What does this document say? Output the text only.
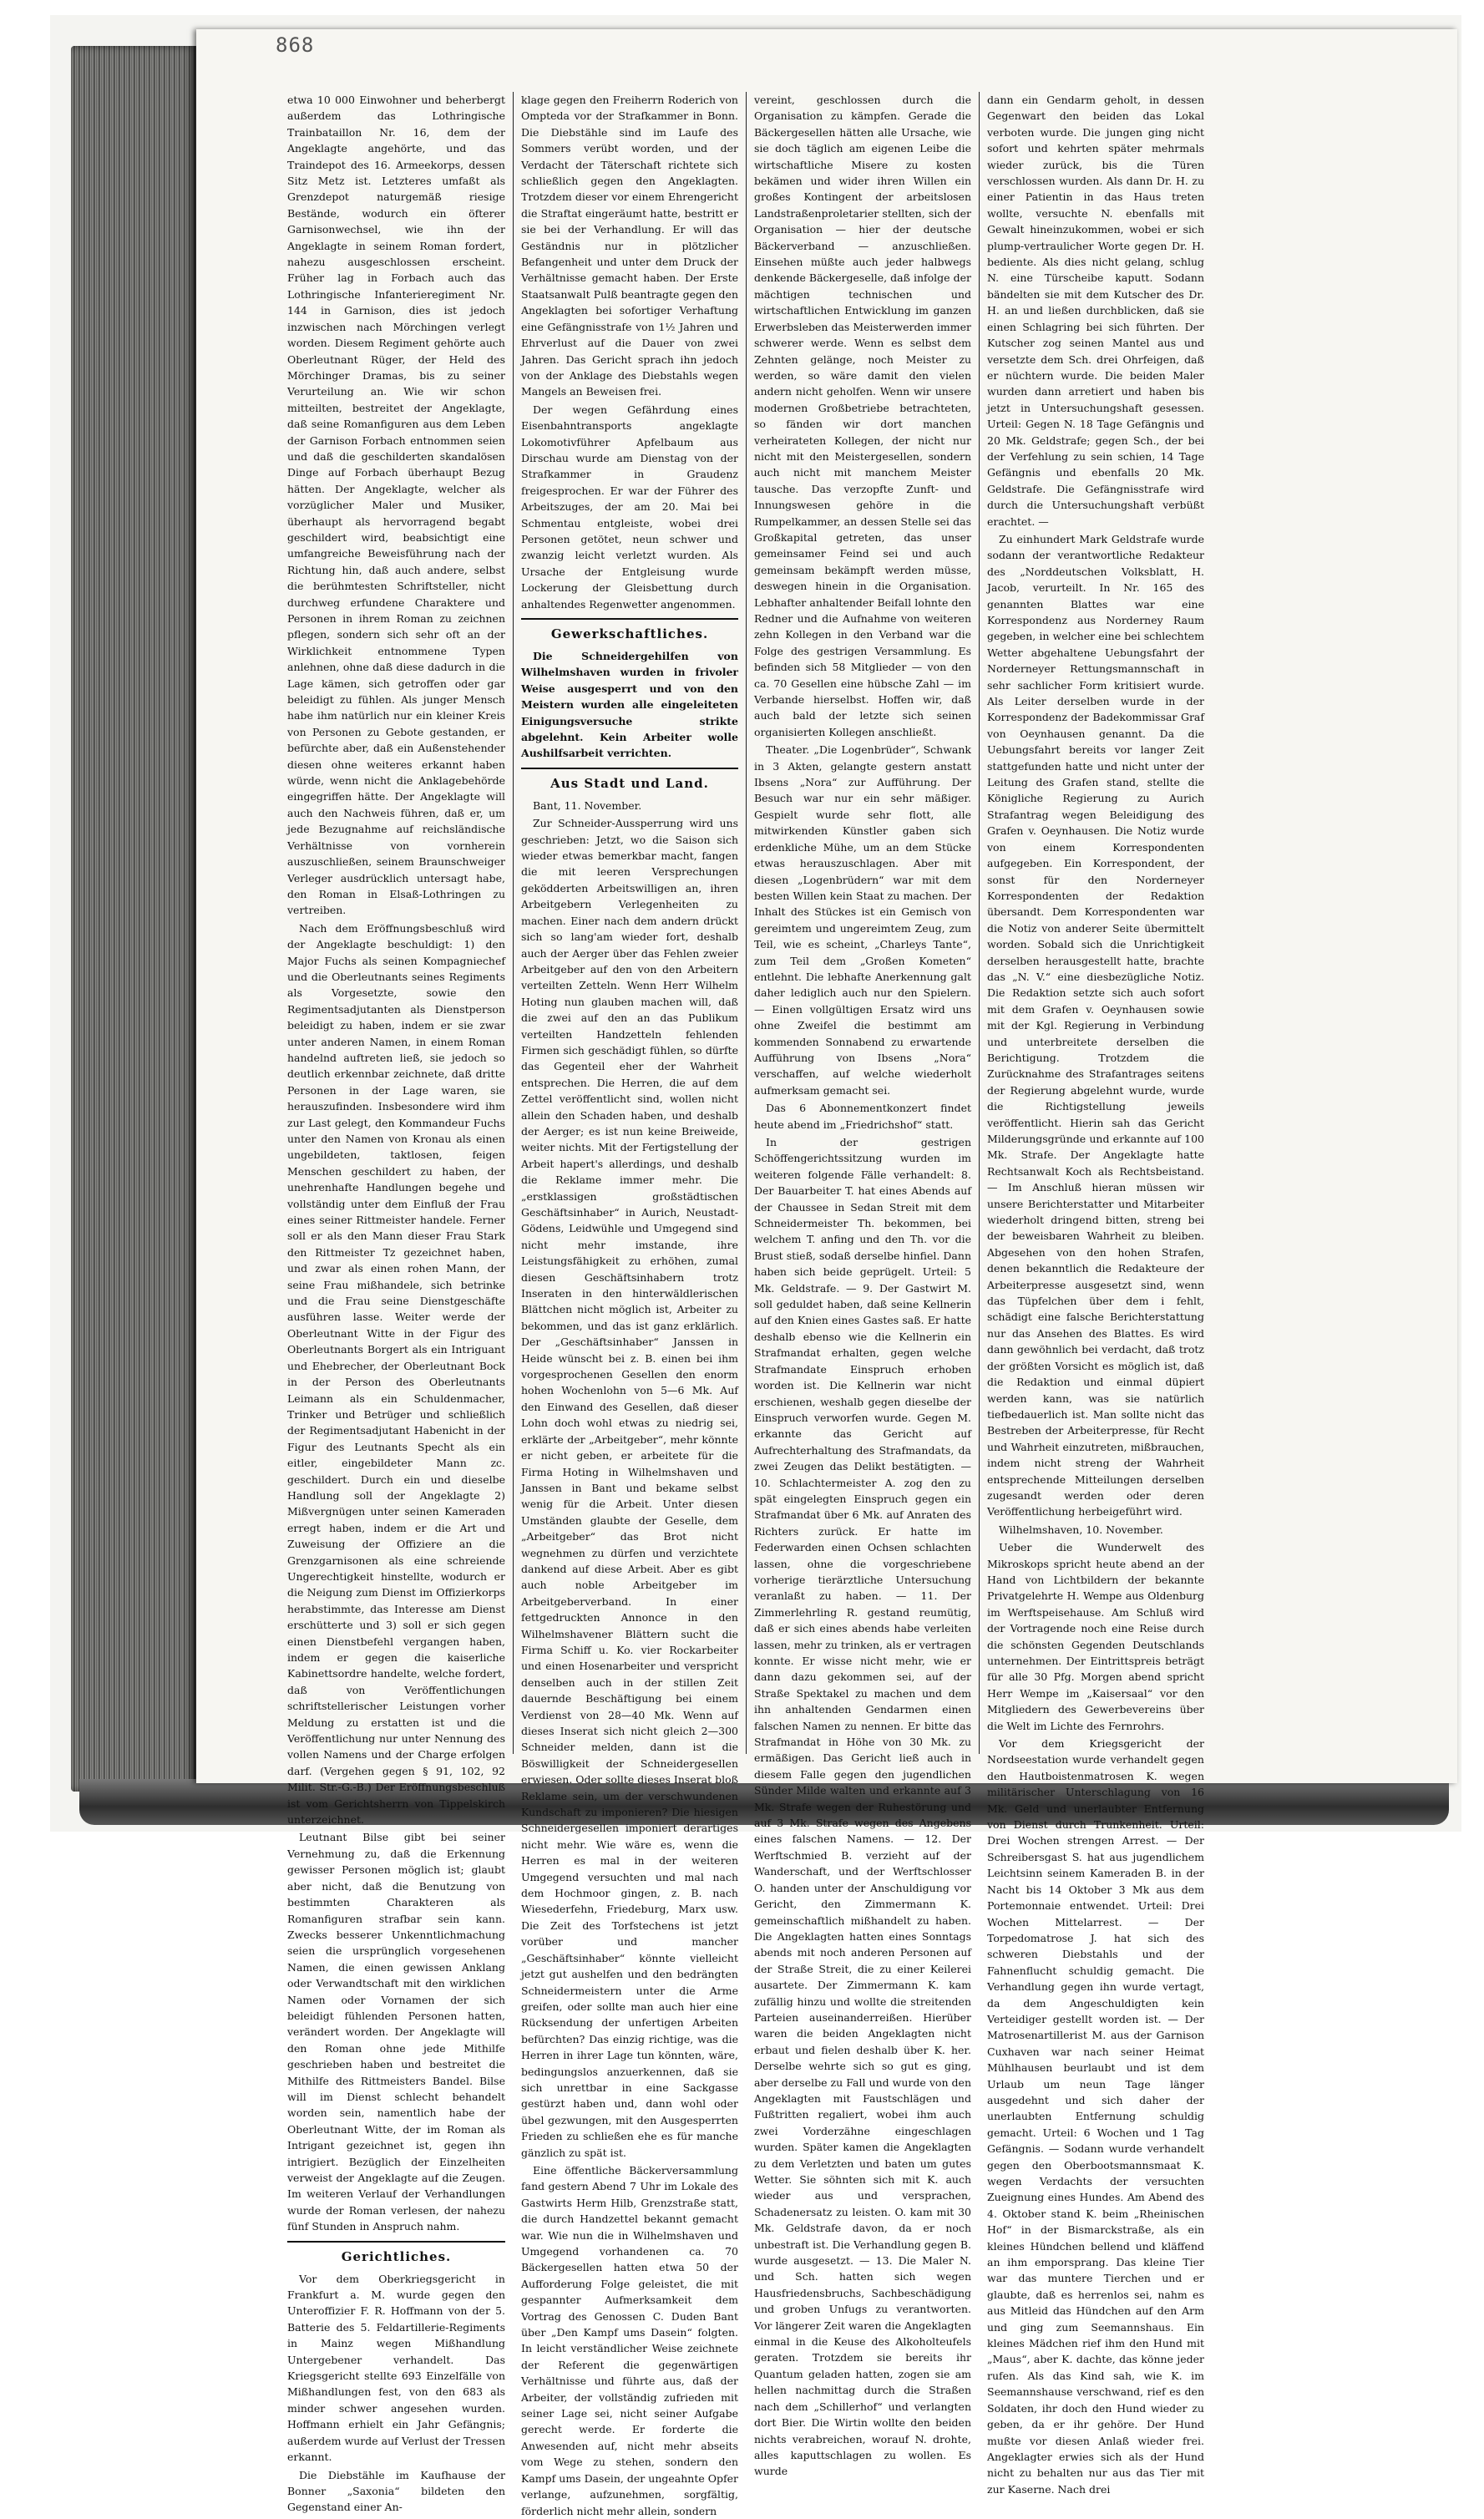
868

etwa 10 000 Einwohner und beherbergt außerdem das Lothringische Trainbataillon Nr. 16, dem der Angeklagte angehörte, und das Traindepot des 16. Armeekorps, dessen Sitz Metz ist. Letzteres umfaßt als Grenzdepot naturgemäß riesige Bestände, wodurch ein öfterer Garnisonwechsel, wie ihn der Angeklagte in seinem Roman fordert, nahezu ausgeschlossen erscheint. Früher lag in Forbach auch das Lothringische Infanterieregiment Nr. 144 in Garnison, dies ist jedoch inzwischen nach Mörchingen verlegt worden. Diesem Regiment gehörte auch Oberleutnant Rüger, der Held des Mörchinger Dramas, bis zu seiner Verurteilung an. Wie wir schon mitteilten, bestreitet der Angeklagte, daß seine Romanfiguren aus dem Leben der Garnison Forbach entnommen seien und daß die geschilderten skandalösen Dinge auf Forbach überhaupt Bezug hätten. Der Angeklagte, welcher als vorzüglicher Maler und Musiker, überhaupt als hervorragend begabt geschildert wird, beabsichtigt eine umfangreiche Beweisführung nach der Richtung hin, daß auch andere, selbst die berühmtesten Schriftsteller, nicht durchweg erfundene Charaktere und Personen in ihrem Roman zu zeichnen pflegen, sondern sich sehr oft an der Wirklichkeit entnommene Typen anlehnen, ohne daß diese dadurch in die Lage kämen, sich getroffen oder gar beleidigt zu fühlen. Als junger Mensch habe ihm natürlich nur ein kleiner Kreis von Personen zu Gebote gestanden, er befürchte aber, daß ein Außenstehender diesen ohne weiteres erkannt haben würde, wenn nicht die Anklagebehörde eingegriffen hätte. Der Angeklagte will auch den Nachweis führen, daß er, um jede Bezugnahme auf reichsländische Verhältnisse von vornherein auszuschließen, seinem Braunschweiger Verleger ausdrücklich untersagt habe, den Roman in Elsaß-Lothringen zu vertreiben.

Nach dem Eröffnungsbeschluß wird der Angeklagte beschuldigt: 1) den Major Fuchs als seinen Kompagniechef und die Oberleutnants seines Regiments als Vorgesetzte, sowie den Regimentsadjutanten als Dienstperson beleidigt zu haben, indem er sie zwar unter anderen Namen, in einem Roman handelnd auftreten ließ, sie jedoch so deutlich erkennbar zeichnete, daß dritte Personen in der Lage waren, sie herauszufinden. Insbesondere wird ihm zur Last gelegt, den Kommandeur Fuchs unter den Namen von Kronau als einen ungebildeten, taktlosen, feigen Menschen geschildert zu haben, der unehrenhafte Handlungen begehe und vollständig unter dem Einfluß der Frau eines seiner Rittmeister handele. Ferner soll er als den Mann dieser Frau Stark den Rittmeister Tz gezeichnet haben, und zwar als einen rohen Mann, der seine Frau mißhandele, sich betrinke und die Frau seine Dienstgeschäfte ausführen lasse. Weiter werde der Oberleutnant Witte in der Figur des Oberleutnants Borgert als ein Intriguant und Ehebrecher, der Oberleutnant Bock in der Person des Oberleutnants Leimann als ein Schuldenmacher, Trinker und Betrüger und schließlich der Regimentsadjutant Habenicht in der Figur des Leutnants Specht als ein eitler, eingebildeter Mann zc. geschildert. Durch ein und dieselbe Handlung soll der Angeklagte 2) Mißvergnügen unter seinen Kameraden erregt haben, indem er die Art und Zuweisung der Offiziere an die Grenzgarnisonen als eine schreiende Ungerechtigkeit hinstellte, wodurch er die Neigung zum Dienst im Offizierkorps herabstimmte, das Interesse am Dienst erschütterte und 3) soll er sich gegen einen Dienstbefehl vergangen haben, indem er gegen die kaiserliche Kabinettsordre handelte, welche fordert, daß von Veröffentlichungen schriftstellerischer Leistungen vorher Meldung zu erstatten ist und die Veröffentlichung nur unter Nennung des vollen Namens und der Charge erfolgen darf. (Vergehen gegen § 91, 102, 92 Milit. Str.-G.-B.) Der Eröffnungsbeschluß ist vom Gerichtsherrn von Tippelskirch unterzeichnet.

Leutnant Bilse gibt bei seiner Vernehmung zu, daß die Erkennung gewisser Personen möglich ist; glaubt aber nicht, daß die Benutzung von bestimmten Charakteren als Romanfiguren strafbar sein kann. Zwecks besserer Unkenntlichmachung seien die ursprünglich vorgesehenen Namen, die einen gewissen Anklang oder Verwandtschaft mit den wirklichen Namen oder Vornamen der sich beleidigt fühlenden Personen hatten, verändert worden. Der Angeklagte will den Roman ohne jede Mithilfe geschrieben haben und bestreitet die Mithilfe des Rittmeisters Bandel. Bilse will im Dienst schlecht behandelt worden sein, namentlich habe der Oberleutnant Witte, der im Roman als Intrigant gezeichnet ist, gegen ihn intrigiert. Bezüglich der Einzelheiten verweist der Angeklagte auf die Zeugen. Im weiteren Verlauf der Verhandlungen wurde der Roman verlesen, der nahezu fünf Stunden in Anspruch nahm.

Gerichtliches.

Vor dem Oberkriegsgericht in Frankfurt a. M. wurde gegen den Unteroffizier F. R. Hoffmann von der 5. Batterie des 5. Feldartillerie-Regiments in Mainz wegen Mißhandlung Untergebener verhandelt. Das Kriegsgericht stellte 693 Einzelfälle von Mißhandlungen fest, von den 683 als minder schwer angesehen wurden. Hoffmann erhielt ein Jahr Gefängnis; außerdem wurde auf Verlust der Tressen erkannt.

Die Diebstähle im Kaufhause der Bonner „Saxonia“ bildeten den Gegenstand einer An-

klage gegen den Freiherrn Roderich von Ompteda vor der Strafkammer in Bonn. Die Diebstähle sind im Laufe des Sommers verübt worden, und der Verdacht der Täterschaft richtete sich schließlich gegen den Angeklagten. Trotzdem dieser vor einem Ehrengericht die Straftat eingeräumt hatte, bestritt er sie bei der Verhandlung. Er will das Geständnis nur in plötzlicher Befangenheit und unter dem Druck der Verhältnisse gemacht haben. Der Erste Staatsanwalt Pulß beantragte gegen den Angeklagten bei sofortiger Verhaftung eine Gefängnisstrafe von 1½ Jahren und Ehrverlust auf die Dauer von zwei Jahren. Das Gericht sprach ihn jedoch von der Anklage des Diebstahls wegen Mangels an Beweisen frei.

Der wegen Gefährdung eines Eisenbahntransports angeklagte Lokomotivführer Apfelbaum aus Dirschau wurde am Dienstag von der Strafkammer in Graudenz freigesprochen. Er war der Führer des Arbeitszuges, der am 20. Mai bei Schmentau entgleiste, wobei drei Personen getötet, neun schwer und zwanzig leicht verletzt wurden. Als Ursache der Entgleisung wurde Lockerung der Gleisbettung durch anhaltendes Regenwetter angenommen.

Gewerkschaftliches.

Die Schneidergehilfen von Wilhelmshaven wurden in frivoler Weise ausgesperrt und von den Meistern wurden alle eingeleiteten Einigungsversuche strikte abgelehnt. Kein Arbeiter wolle Aushilfsarbeit verrichten.

Aus Stadt und Land.

Bant, 11. November.

Zur Schneider-Aussperrung wird uns geschrieben: Jetzt, wo die Saison sich wieder etwas bemerkbar macht, fangen die mit leeren Versprechungen geködderten Arbeitswilligen an, ihren Arbeitgebern Verlegenheiten zu machen. Einer nach dem andern drückt sich so lang'am wieder fort, deshalb auch der Aerger über das Fehlen zweier Arbeitgeber auf den von den Arbeitern verteilten Zetteln. Wenn Herr Wilhelm Hoting nun glauben machen will, daß die zwei auf den an das Publikum verteilten Handzetteln fehlenden Firmen sich geschädigt fühlen, so dürfte das Gegenteil eher der Wahrheit entsprechen. Die Herren, die auf dem Zettel veröffentlicht sind, wollen nicht allein den Schaden haben, und deshalb der Aerger; es ist nun keine Breiweide, weiter nichts. Mit der Fertigstellung der Arbeit hapert's allerdings, und deshalb die Reklame immer mehr. Die „erstklassigen großstädtischen Geschäftsinhaber“ in Aurich, Neustadt-Gödens, Leidwühle und Umgegend sind nicht mehr imstande, ihre Leistungsfähigkeit zu erhöhen, zumal diesen Geschäftsinhabern trotz Inseraten in den hinterwäldlerischen Blättchen nicht möglich ist, Arbeiter zu bekommen, und das ist ganz erklärlich. Der „Geschäftsinhaber“ Janssen in Heide wünscht bei z. B. einen bei ihm vorgesprochenen Gesellen den enorm hohen Wochenlohn von 5—6 Mk. Auf den Einwand des Gesellen, daß dieser Lohn doch wohl etwas zu niedrig sei, erklärte der „Arbeitgeber“, mehr könnte er nicht geben, er arbeitete für die Firma Hoting in Wilhelmshaven und Janssen in Bant und bekame selbst wenig für die Arbeit. Unter diesen Umständen glaubte der Geselle, dem „Arbeitgeber“ das Brot nicht wegnehmen zu dürfen und verzichtete dankend auf diese Arbeit. Aber es gibt auch noble Arbeitgeber im Arbeitgeberverband. In einer fettgedruckten Annonce in den Wilhelmshavener Blättern sucht die Firma Schiff u. Ko. vier Rockarbeiter und einen Hosenarbeiter und verspricht denselben auch in der stillen Zeit dauernde Beschäftigung bei einem Verdienst von 28—40 Mk. Wenn auf dieses Inserat sich nicht gleich 2—300 Schneider melden, dann ist die Böswilligkeit der Schneidergesellen erwiesen. Oder sollte dieses Inserat bloß Reklame sein, um der verschwundenen Kundschaft zu imponieren? Die hiesigen Schneidergesellen imponiert derartiges nicht mehr. Wie wäre es, wenn die Herren es mal in der weiteren Umgegend versuchten und mal nach dem Hochmoor gingen, z. B. nach Wiesederfehn, Friedeburg, Marx usw. Die Zeit des Torfstechens ist jetzt vorüber und mancher „Geschäftsinhaber“ könnte vielleicht jetzt gut aushelfen und den bedrängten Schneidermeistern unter die Arme greifen, oder sollte man auch hier eine Rücksendung der unfertigen Arbeiten befürchten? Das einzig richtige, was die Herren in ihrer Lage tun könnten, wäre, bedingungslos anzuerkennen, daß sie sich unrettbar in eine Sackgasse gestürzt haben und, dann wohl oder übel gezwungen, mit den Ausgesperrten Frieden zu schließen ehe es für manche gänzlich zu spät ist.

Eine öffentliche Bäckerversammlung fand gestern Abend 7 Uhr im Lokale des Gastwirts Herm Hilb, Grenzstraße statt, die durch Handzettel bekannt gemacht war. Wie nun die in Wilhelmshaven und Umgegend vorhandenen ca. 70 Bäckergesellen hatten etwa 50 der Aufforderung Folge geleistet, die mit gespannter Aufmerksamkeit dem Vortrag des Genossen C. Duden Bant über „Den Kampf ums Dasein“ folgten. In leicht verständlicher Weise zeichnete der Referent die gegenwärtigen Verhältnisse und führte aus, daß der Arbeiter, der vollständig zufrieden mit seiner Lage sei, nicht seiner Aufgabe gerecht werde. Er forderte die Anwesenden auf, nicht mehr abseits vom Wege zu stehen, sondern den Kampf ums Dasein, der ungeahnte Opfer verlange, aufzunehmen, sorgfältig, förderlich nicht mehr allein, sondern

vereint, geschlossen durch die Organisation zu kämpfen. Gerade die Bäckergesellen hätten alle Ursache, wie sie doch täglich am eigenen Leibe die wirtschaftliche Misere zu kosten bekämen und wider ihren Willen ein großes Kontingent der arbeitslosen Landstraßenproletarier stellten, sich der Organisation — hier der deutsche Bäckerverband — anzuschließen. Einsehen müßte auch jeder halbwegs denkende Bäckergeselle, daß infolge der mächtigen technischen und wirtschaftlichen Entwicklung im ganzen Erwerbsleben das Meisterwerden immer schwerer werde. Wenn es selbst dem Zehnten gelänge, noch Meister zu werden, so wäre damit den vielen andern nicht geholfen. Wenn wir unsere modernen Großbetriebe betrachteten, so fänden wir dort manchen verheirateten Kollegen, der nicht nur nicht mit den Meistergesellen, sondern auch nicht mit manchem Meister tausche. Das verzopfte Zunft- und Innungswesen gehöre in die Rumpelkammer, an dessen Stelle sei das Großkapital getreten, das unser gemeinsamer Feind sei und auch gemeinsam bekämpft werden müsse, deswegen hinein in die Organisation. Lebhafter anhaltender Beifall lohnte den Redner und die Aufnahme von weiteren zehn Kollegen in den Verband war die Folge des gestrigen Versammlung. Es befinden sich 58 Mitglieder — von den ca. 70 Gesellen eine hübsche Zahl — im Verbande hierselbst. Hoffen wir, daß auch bald der letzte sich seinen organisierten Kollegen anschließt.

Theater. „Die Logenbrüder“, Schwank in 3 Akten, gelangte gestern anstatt Ibsens „Nora“ zur Aufführung. Der Besuch war nur ein sehr mäßiger. Gespielt wurde sehr flott, alle mitwirkenden Künstler gaben sich erdenkliche Mühe, um an dem Stücke etwas herauszuschlagen. Aber mit diesen „Logenbrüdern“ war mit dem besten Willen kein Staat zu machen. Der Inhalt des Stückes ist ein Gemisch von gereimtem und ungereimtem Zeug, zum Teil, wie es scheint, „Charleys Tante“, zum Teil dem „Großen Kometen“ entlehnt. Die lebhafte Anerkennung galt daher lediglich auch nur den Spielern. — Einen vollgültigen Ersatz wird uns ohne Zweifel die bestimmt am kommenden Sonnabend zu erwartende Aufführung von Ibsens „Nora“ verschaffen, auf welche wiederholt aufmerksam gemacht sei.

Das 6 Abonnementkonzert findet heute abend im „Friedrichshof“ statt.

In der gestrigen Schöffengerichtssitzung wurden im weiteren folgende Fälle verhandelt: 8. Der Bauarbeiter T. hat eines Abends auf der Chaussee in Sedan Streit mit dem Schneidermeister Th. bekommen, bei welchem T. anfing und den Th. vor die Brust stieß, sodaß derselbe hinfiel. Dann haben sich beide geprügelt. Urteil: 5 Mk. Geldstrafe. — 9. Der Gastwirt M. soll geduldet haben, daß seine Kellnerin auf den Knien eines Gastes saß. Er hatte deshalb ebenso wie die Kellnerin ein Strafmandat erhalten, gegen welche Strafmandate Einspruch erhoben worden ist. Die Kellnerin war nicht erschienen, weshalb gegen dieselbe der Einspruch verworfen wurde. Gegen M. erkannte das Gericht auf Aufrechterhaltung des Strafmandats, da zwei Zeugen das Delikt bestätigten. — 10. Schlachtermeister A. zog den zu spät eingelegten Einspruch gegen ein Strafmandat über 6 Mk. auf Anraten des Richters zurück. Er hatte im Federwarden einen Ochsen schlachten lassen, ohne die vorgeschriebene vorherige tierärztliche Untersuchung veranlaßt zu haben. — 11. Der Zimmerlehrling R. gestand reumütig, daß er sich eines abends habe verleiten lassen, mehr zu trinken, als er vertragen konnte. Er wisse nicht mehr, wie er dann dazu gekommen sei, auf der Straße Spektakel zu machen und dem ihn anhaltenden Gendarmen einen falschen Namen zu nennen. Er bitte das Strafmandat in Höhe von 30 Mk. zu ermäßigen. Das Gericht ließ auch in diesem Falle gegen den jugendlichen Sünder Milde walten und erkannte auf 3 Mk. Strafe wegen der Ruhestörung und auf 3 Mk. Strafe wegen des Angebens eines falschen Namens. — 12. Der Werftschmied B. verzieht auf der Wanderschaft, und der Werftschlosser O. handen unter der Anschuldigung vor Gericht, den Zimmermann K. gemeinschaftlich mißhandelt zu haben. Die Angeklagten hatten eines Sonntags abends mit noch anderen Personen auf der Straße Streit, die zu einer Keilerei ausartete. Der Zimmermann K. kam zufällig hinzu und wollte die streitenden Parteien auseinanderreißen. Hierüber waren die beiden Angeklagten nicht erbaut und fielen deshalb über K. her. Derselbe wehrte sich so gut es ging, aber derselbe zu Fall und wurde von den Angeklagten mit Faustschlägen und Fußtritten regaliert, wobei ihm auch zwei Vorderzähne eingeschlagen wurden. Später kamen die Angeklagten zu dem Verletzten und baten um gutes Wetter. Sie söhnten sich mit K. auch wieder aus und versprachen, Schadenersatz zu leisten. O. kam mit 30 Mk. Geldstrafe davon, da er noch unbestraft ist. Die Verhandlung gegen B. wurde ausgesetzt. — 13. Die Maler N. und Sch. hatten sich wegen Hausfriedensbruchs, Sachbeschädigung und groben Unfugs zu verantworten. Vor längerer Zeit waren die Angeklagten einmal in die Keuse des Alkoholteufels geraten. Trotzdem sie bereits ihr Quantum geladen hatten, zogen sie am hellen nachmittag durch die Straßen nach dem „Schillerhof“ und verlangten dort Bier. Die Wirtin wollte den beiden nichts verabreichen, worauf N. drohte, alles kaputtschlagen zu wollen. Es wurde

dann ein Gendarm geholt, in dessen Gegenwart den beiden das Lokal verboten wurde. Die jungen ging nicht sofort und kehrten später mehrmals wieder zurück, bis die Türen verschlossen wurden. Als dann Dr. H. zu einer Patientin in das Haus treten wollte, versuchte N. ebenfalls mit Gewalt hineinzukommen, wobei er sich plump-vertraulicher Worte gegen Dr. H. bediente. Als dies nicht gelang, schlug N. eine Türscheibe kaputt. Sodann bändelten sie mit dem Kutscher des Dr. H. an und ließen durchblicken, daß sie einen Schlagring bei sich führten. Der Kutscher zog seinen Mantel aus und versetzte dem Sch. drei Ohrfeigen, daß er nüchtern wurde. Die beiden Maler wurden dann arretiert und haben bis jetzt in Untersuchungshaft gesessen. Urteil: Gegen N. 18 Tage Gefängnis und 20 Mk. Geldstrafe; gegen Sch., der bei der Verfehlung zu sein schien, 14 Tage Gefängnis und ebenfalls 20 Mk. Geldstrafe. Die Gefängnisstrafe wird durch die Untersuchungshaft verbüßt erachtet. —

Zu einhundert Mark Geldstrafe wurde sodann der verantwortliche Redakteur des „Norddeutschen Volksblatt, H. Jacob, verurteilt. In Nr. 165 des genannten Blattes war eine Korrespondenz aus Norderney Raum gegeben, in welcher eine bei schlechtem Wetter abgehaltene Uebungsfahrt der Norderneyer Rettungsmannschaft in sehr sachlicher Form kritisiert wurde. Als Leiter derselben wurde in der Korrespondenz der Badekommissar Graf von Oeynhausen genannt. Da die Uebungsfahrt bereits vor langer Zeit stattgefunden hatte und nicht unter der Leitung des Grafen stand, stellte die Königliche Regierung zu Aurich Strafantrag wegen Beleidigung des Grafen v. Oeynhausen. Die Notiz wurde von einem Korrespondenten aufgegeben. Ein Korrespondent, der sonst für den Norderneyer Korrespondenten der Redaktion übersandt. Dem Korrespondenten war die Notiz von anderer Seite übermittelt worden. Sobald sich die Unrichtigkeit derselben herausgestellt hatte, brachte das „N. V.“ eine diesbezügliche Notiz. Die Redaktion setzte sich auch sofort mit dem Grafen v. Oeynhausen sowie mit der Kgl. Regierung in Verbindung und unterbreitete derselben die Berichtigung. Trotzdem die Zurücknahme des Strafantrages seitens der Regierung abgelehnt wurde, wurde die Richtigstellung jeweils veröffentlicht. Hierin sah das Gericht Milderungsgründe und erkannte auf 100 Mk. Strafe. Der Angeklagte hatte Rechtsanwalt Koch als Rechtsbeistand. — Im Anschluß hieran müssen wir unsere Berichterstatter und Mitarbeiter wiederholt dringend bitten, streng bei der beweisbaren Wahrheit zu bleiben. Abgesehen von den hohen Strafen, denen bekanntlich die Redakteure der Arbeiterpresse ausgesetzt sind, wenn das Tüpfelchen über dem i fehlt, schädigt eine falsche Berichterstattung nur das Ansehen des Blattes. Es wird dann gewöhnlich bei verdacht, daß trotz der größten Vorsicht es möglich ist, daß die Redaktion und einmal düpiert werden kann, was sie natürlich tiefbedauerlich ist. Man sollte nicht das Bestreben der Arbeiterpresse, für Recht und Wahrheit einzutreten, mißbrauchen, indem nicht streng der Wahrheit entsprechende Mitteilungen derselben zugesandt werden oder deren Veröffentlichung herbeigeführt wird.

Wilhelmshaven, 10. November.

Ueber die Wunderwelt des Mikroskops spricht heute abend an der Hand von Lichtbildern der bekannte Privatgelehrte H. Wempe aus Oldenburg im Werftspeisehause. Am Schluß wird der Vortragende noch eine Reise durch die schönsten Gegenden Deutschlands unternehmen. Der Eintrittspreis beträgt für alle 30 Pfg. Morgen abend spricht Herr Wempe im „Kaisersaal“ vor den Mitgliedern des Gewerbevereins über die Welt im Lichte des Fernrohrs.

Vor dem Kriegsgericht der Nordseestation wurde verhandelt gegen den Hautboistenmatrosen K. wegen militärischer Unterschlagung von 16 Mk. Geld und unerlaubter Entfernung von Dienst durch Trunkenheit. Urteil: Drei Wochen strengen Arrest. — Der Schreibersgast S. hat aus jugendlichem Leichtsinn seinem Kameraden B. in der Nacht bis 14 Oktober 3 Mk aus dem Portemonnaie entwendet. Urteil: Drei Wochen Mittelarrest. — Der Torpedomatrose J. hat sich des schweren Diebstahls und der Fahnenflucht schuldig gemacht. Die Verhandlung gegen ihn wurde vertagt, da dem Angeschuldigten kein Verteidiger gestellt worden ist. — Der Matrosenartillerist M. aus der Garnison Cuxhaven war nach seiner Heimat Mühlhausen beurlaubt und ist dem Urlaub um neun Tage länger ausgedehnt und sich daher der unerlaubten Entfernung schuldig gemacht. Urteil: 6 Wochen und 1 Tag Gefängnis. — Sodann wurde verhandelt gegen den Oberbootsmannsmaat K. wegen Verdachts der versuchten Zueignung eines Hundes. Am Abend des 4. Oktober stand K. beim „Rheinischen Hof“ in der Bismarckstraße, als ein kleines Hündchen bellend und kläffend an ihm emporsprang. Das kleine Tier war das muntere Tierchen und er glaubte, daß es herrenlos sei, nahm es aus Mitleid das Hündchen auf den Arm und ging zum Seemannshaus. Ein kleines Mädchen rief ihm den Hund mit „Maus“, aber K. dachte, das könne jeder rufen. Als das Kind sah, wie K. im Seemannshause verschwand, rief es den Soldaten, ihr doch den Hund wieder zu geben, da er ihr gehöre. Der Hund mußte vor diesen Anlaß wieder frei. Angeklagter erwies sich als der Hund nicht zu behalten nur aus das Tier mit zur Kaserne. Nach drei
